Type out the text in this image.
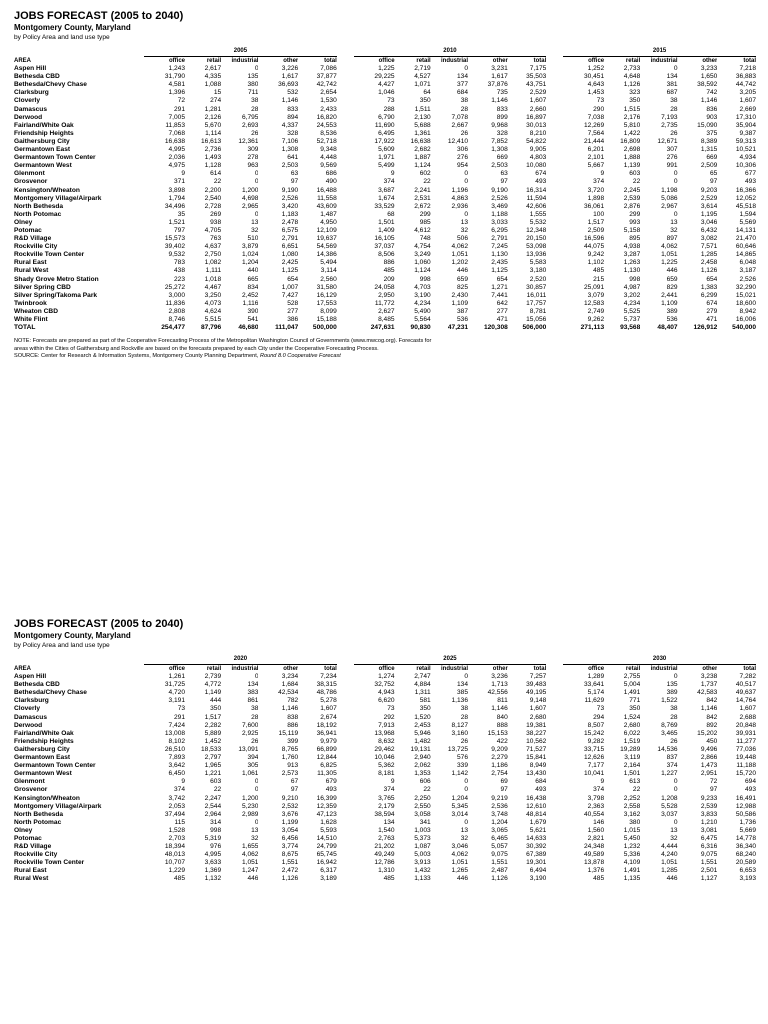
JOBS FORECAST (2005 to 2040)
Montgomery County, Maryland
by Policy Area and land use type
	2005						2010						2015				
AREA	office	retail	industrial	other	total		office	retail	industrial	other	total		office	retail	industrial	other	total
Aspen Hill	1,243	2,617	0	3,226	7,086		1,225	2,719	0	3,231	7,175		1,252	2,733	0	3,233	7,218
Bethesda CBD	31,790	4,335	135	1,617	37,877		29,225	4,527	134	1,617	35,503		30,451	4,648	134	1,650	36,883
Bethesda/Chevy Chase	4,581	1,088	380	36,693	42,742		4,427	1,071	377	37,876	43,751		4,643	1,126	381	38,592	44,742
Clarksburg	1,396	15	711	532	2,654		1,046	64	684	735	2,529		1,453	323	687	742	3,205
Cloverly	72	274	38	1,146	1,530		73	350	38	1,146	1,607		73	350	38	1,146	1,607
Damascus	291	1,281	28	833	2,433		288	1,511	28	833	2,660		290	1,515	28	836	2,669
Derwood	7,005	2,126	6,795	894	16,820		6,790	2,130	7,078	899	16,897		7,038	2,176	7,193	903	17,310
Fairland/White Oak	11,853	5,670	2,693	4,337	24,553		11,690	5,688	2,667	9,968	30,013		12,269	5,810	2,735	15,090	35,904
Friendship Heights	7,068	1,114	26	328	8,536		6,495	1,361	26	328	8,210		7,564	1,422	26	375	9,387
Gaithersburg City	16,638	16,613	12,361	7,106	52,718		17,922	16,638	12,410	7,852	54,822		21,444	16,809	12,671	8,389	59,313
Germantown East	4,995	2,736	309	1,308	9,348		5,609	2,682	306	1,308	9,905		6,201	2,698	307	1,315	10,521
Germantown Town Center	2,036	1,493	278	641	4,448		1,971	1,887	276	669	4,803		2,101	1,888	276	669	4,934
Germantown West	4,975	1,128	963	2,503	9,569		5,499	1,124	954	2,503	10,080		5,667	1,139	991	2,509	10,306
Glenmont	9	614	0	63	686		9	602	0	63	674		9	603	0	65	677
Grosvenor	371	22	0	97	490		374	22	0	97	493		374	22	0	97	493
Kensington/Wheaton	3,898	2,200	1,200	9,190	16,488		3,687	2,241	1,196	9,190	16,314		3,720	2,245	1,198	9,203	16,366
Montgomery Village/Airpark	1,794	2,540	4,698	2,526	11,558		1,674	2,531	4,863	2,526	11,594		1,898	2,539	5,086	2,529	12,052
North Bethesda	34,496	2,728	2,965	3,420	43,609		33,529	2,672	2,936	3,469	42,606		36,061	2,876	2,967	3,614	45,518
North Potomac	35	269	0	1,183	1,487		68	299	0	1,188	1,555		100	299	0	1,195	1,594
Olney	1,521	938	13	2,478	4,950		1,501	985	13	3,033	5,532		1,517	993	13	3,046	5,569
Potomac	797	4,705	32	6,575	12,109		1,409	4,612	32	6,295	12,348		2,509	5,158	32	6,432	14,131
R&D Village	15,573	763	510	2,791	19,637		16,105	748	506	2,791	20,150		16,596	895	897	3,082	21,470
Rockville City	39,402	4,637	3,879	6,651	54,569		37,037	4,754	4,062	7,245	53,098		44,075	4,938	4,062	7,571	60,646
Rockville Town Center	9,532	2,750	1,024	1,080	14,386		8,506	3,249	1,051	1,130	13,936		9,242	3,287	1,051	1,285	14,865
Rural East	783	1,082	1,204	2,425	5,494		886	1,060	1,202	2,435	5,583		1,102	1,263	1,225	2,458	6,048
Rural West	438	1,111	440	1,125	3,114		485	1,124	446	1,125	3,180		485	1,130	446	1,126	3,187
Shady Grove Metro Station	223	1,018	665	654	2,560		209	998	659	654	2,520		215	998	659	654	2,526
Silver Spring CBD	25,272	4,467	834	1,007	31,580		24,058	4,703	825	1,271	30,857		25,091	4,987	829	1,383	32,290
Silver Spring/Takoma Park	3,000	3,250	2,452	7,427	16,129		2,950	3,190	2,430	7,441	16,011		3,079	3,202	2,441	6,299	15,021
Twinbrook	11,836	4,073	1,116	528	17,553		11,772	4,234	1,109	642	17,757		12,583	4,234	1,109	674	18,600
Wheaton CBD	2,808	4,624	390	277	8,099		2,627	5,490	387	277	8,781		2,749	5,525	389	279	8,942
White Flint	8,746	5,515	541	386	15,188		8,485	5,564	536	471	15,056		9,262	5,737	536	471	16,006
TOTAL	254,477	87,796	46,680	111,047	500,000		247,631	90,830	47,231	120,308	506,000		271,113	93,568	48,407	126,912	540,000
NOTE: Forecasts are prepared as part of the Cooperative Forecasting Process of the Metropolitan Washington Council of Governments (www.mwcog.org). Forecasts for
areas within the Cities of Gaithersburg and Rockville are based on the forecasts prepared by each City under the Cooperative Forecasting Process.
SOURCE: Center for Research & Information Systems, Montgomery County Planning Department, Round 8.0 Cooperative Forecast
JOBS FORECAST (2005 to 2040)
Montgomery County, Maryland
by Policy Area and land use type
	2020						2025						2030				
AREA	office	retail	industrial	other	total		office	retail	industrial	other	total		office	retail	industrial	other	total
Aspen Hill	1,261	2,739	0	3,234	7,234		1,274	2,747	0	3,236	7,257		1,289	2,755	0	3,238	7,282
Bethesda CBD	31,725	4,772	134	1,684	38,315		32,752	4,884	134	1,713	39,483		33,641	5,004	135	1,737	40,517
Bethesda/Chevy Chase	4,720	1,149	383	42,534	48,786		4,943	1,311	385	42,556	49,195		5,174	1,491	389	42,583	49,637
Clarksburg	3,191	444	861	782	5,278		6,620	581	1,136	811	9,148		11,629	771	1,522	842	14,764
Cloverly	73	350	38	1,146	1,607		73	350	38	1,146	1,607		73	350	38	1,146	1,607
Damascus	291	1,517	28	838	2,674		292	1,520	28	840	2,680		294	1,524	28	842	2,688
Derwood	7,424	2,282	7,600	886	18,192		7,913	2,453	8,127	888	19,381		8,507	2,680	8,769	892	20,848
Fairland/White Oak	13,008	5,889	2,925	15,119	36,941		13,968	5,946	3,160	15,153	38,227		15,242	6,022	3,465	15,202	39,931
Friendship Heights	8,102	1,452	26	399	9,979		8,632	1,482	26	422	10,562		9,282	1,519	26	450	11,277
Gaithersburg City	26,510	18,533	13,091	8,765	66,899		29,462	19,131	13,725	9,209	71,527		33,715	19,289	14,536	9,496	77,036
Germantown East	7,893	2,797	394	1,760	12,844		10,046	2,940	576	2,279	15,841		12,626	3,119	837	2,866	19,448
Germantown Town Center	3,642	1,965	305	913	6,825		5,362	2,062	339	1,186	8,949		7,177	2,164	374	1,473	11,188
Germantown West	6,450	1,221	1,061	2,573	11,305		8,181	1,353	1,142	2,754	13,430		10,041	1,501	1,227	2,951	15,720
Glenmont	9	603	0	67	679		9	606	0	69	684		9	613	0	72	694
Grosvenor	374	22	0	97	493		374	22	0	97	493		374	22	0	97	493
Kensington/Wheaton	3,742	2,247	1,200	9,210	16,399		3,765	2,250	1,204	9,219	16,438		3,798	2,252	1,208	9,233	16,491
Montgomery Village/Airpark	2,053	2,544	5,230	2,532	12,359		2,179	2,550	5,345	2,536	12,610		2,363	2,558	5,528	2,539	12,988
North Bethesda	37,494	2,964	2,989	3,676	47,123		38,594	3,058	3,014	3,748	48,814		40,554	3,162	3,037	3,833	50,586
North Potomac	115	314	0	1,199	1,628		134	341	0	1,204	1,679		146	380	0	1,210	1,736
Olney	1,528	998	13	3,054	5,593		1,540	1,003	13	3,065	5,621		1,560	1,015	13	3,081	5,669
Potomac	2,703	5,319	32	6,456	14,510		2,763	5,373	32	6,465	14,633		2,821	5,450	32	6,475	14,778
R&D Village	18,394	976	1,655	3,774	24,799		21,202	1,087	3,046	5,057	30,392		24,348	1,232	4,444	6,316	36,340
Rockville City	48,013	4,995	4,062	8,675	65,745		49,249	5,003	4,062	9,075	67,389		49,589	5,336	4,240	9,075	68,240
Rockville Town Center	10,707	3,633	1,051	1,551	16,942		12,786	3,913	1,051	1,551	19,301		13,878	4,109	1,051	1,551	20,589
Rural East	1,229	1,369	1,247	2,472	6,317		1,310	1,432	1,265	2,487	6,494		1,376	1,491	1,285	2,501	6,653
Rural West	485	1,132	446	1,126	3,189		485	1,133	446	1,126	3,190		485	1,135	446	1,127	3,193
